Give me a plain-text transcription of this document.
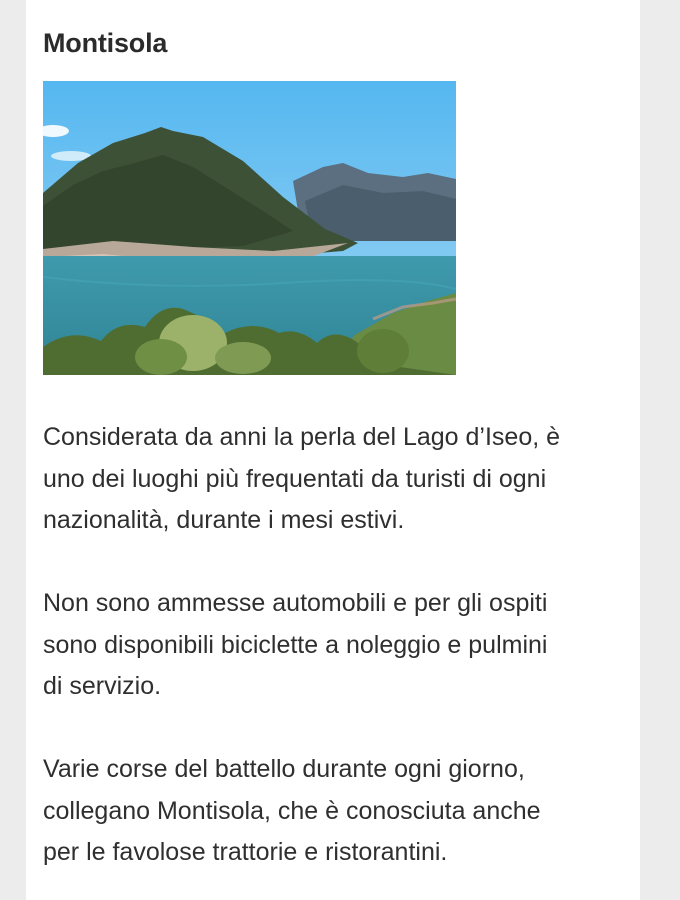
Montisola

Considerata da anni la perla del Lago d’Iseo, è
uno dei luoghi più frequentati da turisti di ogni
nazionalità, durante i mesi estivi.

Non sono ammesse automobili e per gli ospiti
sono disponibili biciclette a noleggio e pulmini
di servizio.

Varie corse del battello durante ogni giorno,
collegano Montisola, che è conosciuta anche
per le favolose trattorie e ristorantini.
